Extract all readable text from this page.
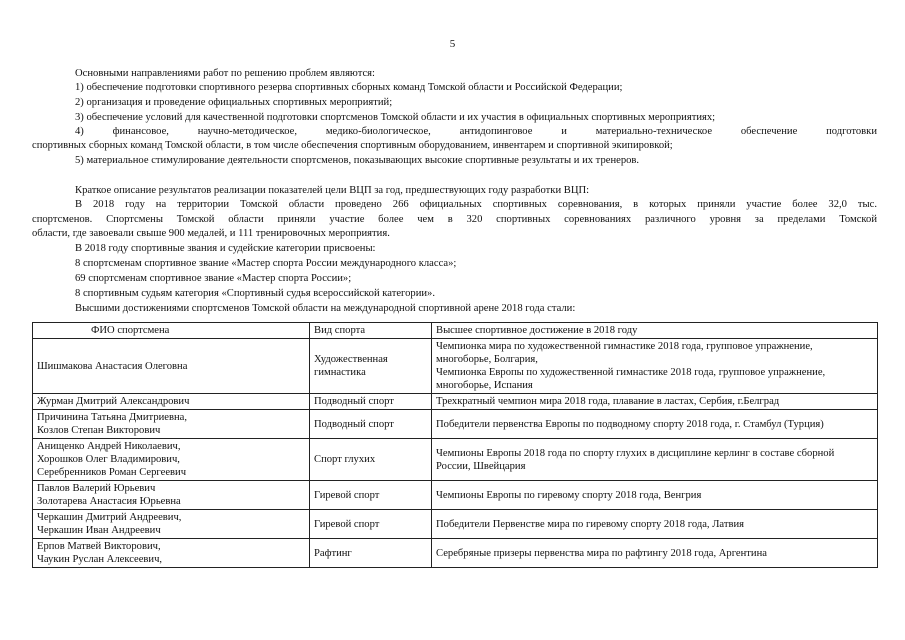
5
Основными направлениями работ по решению проблем являются:
1) обеспечение подготовки спортивного резерва спортивных сборных команд Томской области и Российской Федерации;
2) организация и проведение официальных спортивных мероприятий;
3) обеспечение условий для качественной подготовки спортсменов Томской области и их участия в официальных спортивных мероприятиях;
4) финансовое, научно-методическое, медико-биологическое, антидопинговое и материально-техническое обеспечение подготовки
спортивных сборных команд Томской области, в том числе обеспечения спортивным оборудованием, инвентарем и спортивной экипировкой;
5) материальное стимулирование деятельности спортсменов, показывающих высокие спортивные результаты и их тренеров.
Краткое описание результатов реализации показателей цели ВЦП за год, предшествующих году разработки ВЦП:
В 2018 году на территории Томской области проведено 266 официальных спортивных соревнования, в которых приняли участие более 32,0 тыс.
спортсменов. Спортсмены Томской области приняли участие более чем в 320 спортивных соревнованиях различного уровня за пределами Томской
области, где завоевали свыше 900 медалей, и 111 тренировочных мероприятия.
В 2018 году спортивные звания и судейские категории присвоены:
8 спортсменам спортивное звание «Мастер спорта России международного класса»;
69 спортсменам спортивное звание «Мастер спорта России»;
8 спортивным судьям категория «Спортивный судья всероссийской категории».
Высшими достижениями спортсменов Томской области на международной спортивной арене 2018 года стали:
ФИО спортсмена	Вид спорта	Высшее спортивное достижение в 2018 году

Шишмакова Анастасия Олеговна	Художественная
гимнастика	Чемпионка мира по художественной гимнастике 2018 года, групповое упражнение,
многоборье, Болгария,
Чемпионка Европы по художественной гимнастике 2018 года, групповое упражнение,
многоборье, Испания

Журман Дмитрий Александрович	Подводный спорт	Трехкратный чемпион мира 2018 года, плавание в ластах, Сербия, г.Белград

Причинина Татьяна Дмитриевна,
Козлов Степан Викторович	Подводный спорт	Победители первенства Европы по подводному спорту 2018 года, г. Стамбул (Турция)

Анищенко Андрей Николаевич,
Хорошков Олег Владимирович,
Серебренников Роман Сергеевич	Спорт глухих	Чемпионы Европы 2018 года по спорту глухих в дисциплине керлинг в составе сборной
России, Швейцария

Павлов Валерий Юрьевич
Золотарева Анастасия Юрьевна	Гиревой спорт	Чемпионы Европы по гиревому спорту 2018 года, Венгрия

Черкашин Дмитрий Андреевич,
Черкашин Иван Андреевич	Гиревой спорт	Победители Первенстве мира по гиревому спорту 2018 года, Латвия

Ерпов Матвей Викторович,
Чаукин Руслан Алексеевич,	Рафтинг	Серебряные призеры первенства мира по рафтингу 2018 года, Аргентина
